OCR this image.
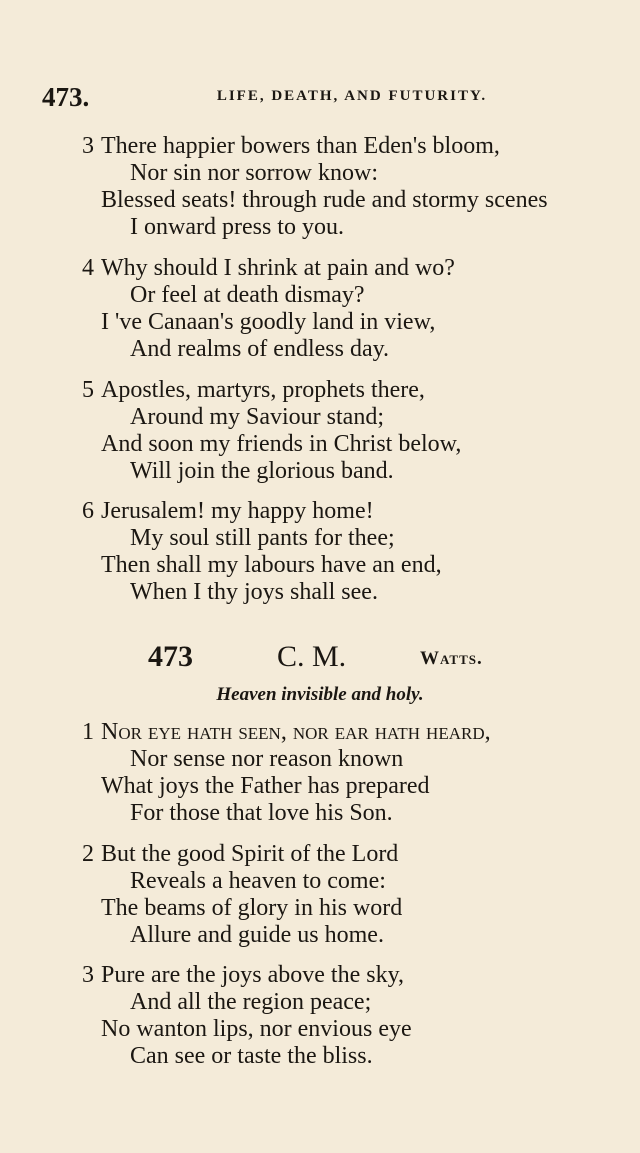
473.	LIFE, DEATH, AND FUTURITY.
3 There happier bowers than Eden's bloom,
Nor sin nor sorrow know:
Blessed seats! through rude and stormy scenes
I onward press to you.
4 Why should I shrink at pain and wo?
Or feel at death dismay?
I 've Canaan's goodly land in view,
And realms of endless day.
5 Apostles, martyrs, prophets there,
Around my Saviour stand;
And soon my friends in Christ below,
Will join the glorious band.
6 Jerusalem! my happy home!
My soul still pants for thee;
Then shall my labours have an end,
When I thy joys shall see.
473	C. M.	Watts.
Heaven invisible and holy.
1 Nor eye hath seen, nor ear hath heard,
Nor sense nor reason known
What joys the Father has prepared
For those that love his Son.
2 But the good Spirit of the Lord
Reveals a heaven to come:
The beams of glory in his word
Allure and guide us home.
3 Pure are the joys above the sky,
And all the region peace;
No wanton lips, nor envious eye
Can see or taste the bliss.
